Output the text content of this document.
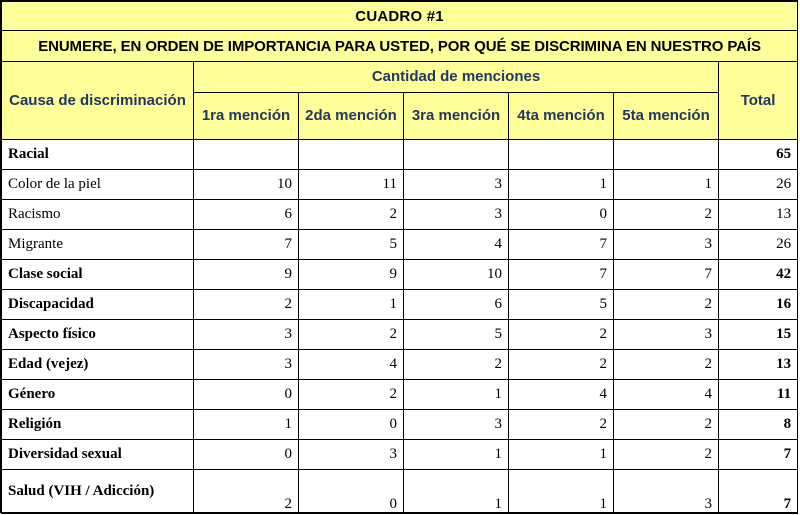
CUADRO #1						
ENUMERE, EN ORDEN DE IMPORTANCIA PARA USTED, POR QUÉ SE DISCRIMINA EN NUESTRO PAÍS						

Causa de discriminación	Cantidad de menciones					Total

	1ra mención	2da mención	3ra mención	4ta mención	5ta mención	

Racial						65
Color de la piel	10	11	3	1	1	26
Racismo	6	2	3	0	2	13
Migrante	7	5	4	7	3	26
Clase social	9	9	10	7	7	42
Discapacidad	2	1	6	5	2	16
Aspecto físico	3	2	5	2	3	15
Edad (vejez)	3	4	2	2	2	13
Género	0	2	1	4	4	11
Religión	1	0	3	2	2	8
Diversidad sexual	0	3	1	1	2	7
Salud (VIH / Adicción)	2	0	1	1	3	7
